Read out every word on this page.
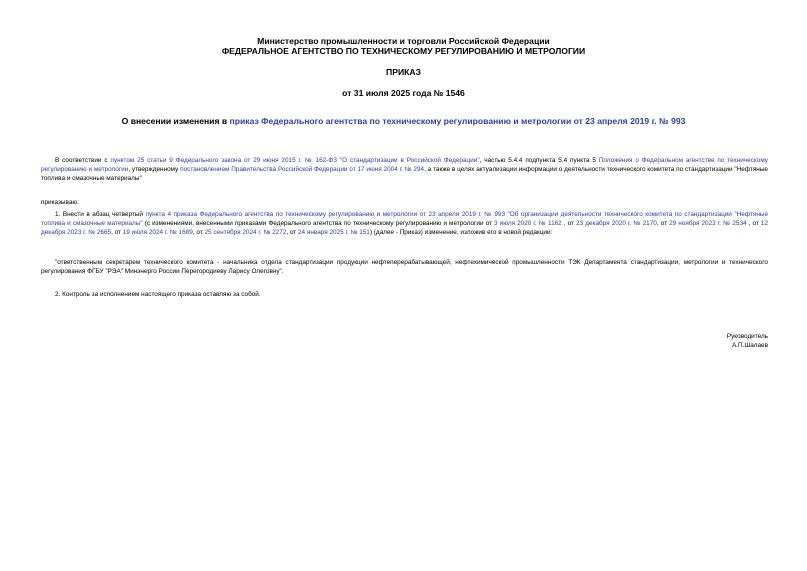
Министерство промышленности и торговли Российской Федерации
ФЕДЕРАЛЬНОЕ АГЕНТСТВО ПО ТЕХНИЧЕСКОМУ РЕГУЛИРОВАНИЮ И МЕТРОЛОГИИ
ПРИКАЗ
от 31 июля 2025 года № 1546
О внесении изменения в приказ Федерального агентства по техническому регулированию и метрологии от 23 апреля 2019 г. № 993
В соответствии с пунктом 25 статьи 9 Федерального закона от 29 июня 2015 г. № 162-ФЗ "О стандартизации в Российской Федерации", частью 5.4.4 подпункта 5.4 пункта 5 Положения о Федеральном агентстве по техническому регулированию и метрологии, утвержденному постановлением Правительства Российской Федерации от 17 июня 2004 г. № 294, а также в целях актуализации информации о деятельности технического комитета по стандартизации "Нефтяные топлива и смазочные материалы"
приказываю:
1. Внести в абзац четвертый пункта 4 приказа Федерального агентства по техническому регулированию и метрологии от 23 апреля 2019 г. № 993 "Об организации деятельности технического комитета по стандартизации "Нефтяные топлива и смазочные материалы" (с изменениями, внесенными приказами Федерального агентства по техническому регулированию и метрологии от 3 июля 2020 г. № 1162 , от 23 декабря 2020 г. № 2170, от 29 ноября 2023 г. № 2534 , от 12 декабря 2023 г. № 2665, от 19 июля 2024 г. № 1689, от 25 сентября 2024 г. № 2272, от 24 января 2025 г. № 151) (далее - Приказ) изменение, изложив его в новой редакции:
"ответственным секретарем технического комитета - начальника отдела стандартизации продукции нефтеперерабатывающей, нефтехимической промышленности ТЭК Департамента стандартизации, метрологии и технического регулирования ФГБУ "РЭА" Минэнерго России Перегородиеву Ларису Олеговну".
2. Контроль за исполнением настоящего приказа оставляю за собой.
Руководитель
А.П.Шалаев
